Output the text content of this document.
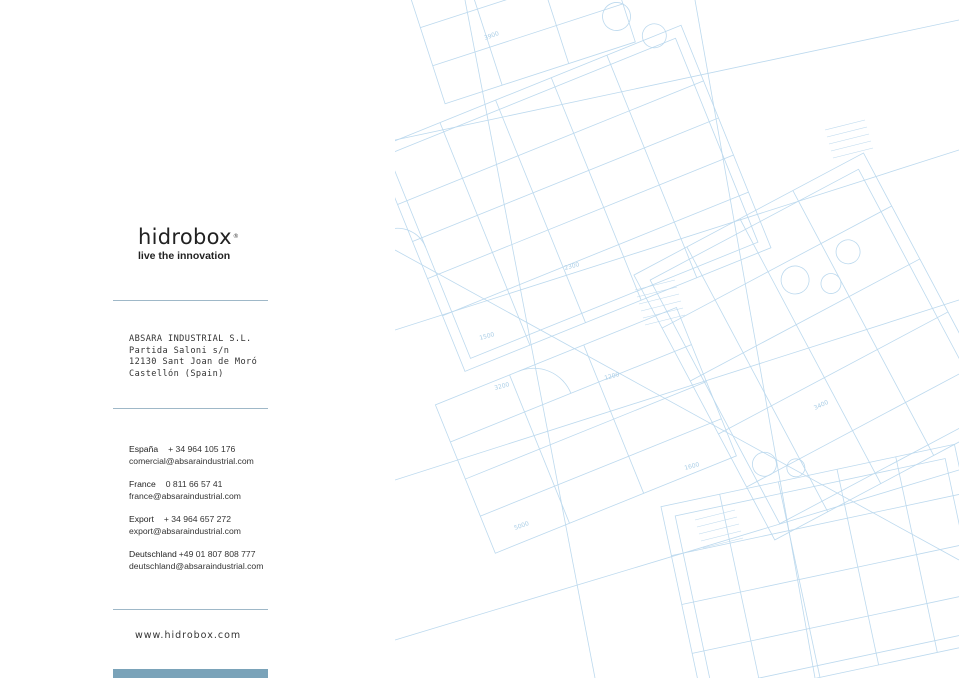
hidrobox®
live the innovation
ABSARA INDUSTRIAL S.L.
Partida Saloni s/n
12130 Sant Joan de Moró
Castellón (Spain)
España + 34 964 105 176
comercial@absaraindustrial.com
France 0 811 66 57 41
france@absaraindustrial.com
Export + 34 964 657 272
export@absaraindustrial.com
Deutschland +49 01 807 808 777
deutschland@absaraindustrial.com
www.hidrobox.com
3900
2300
1500
3200
1200
5000
3400
1600
